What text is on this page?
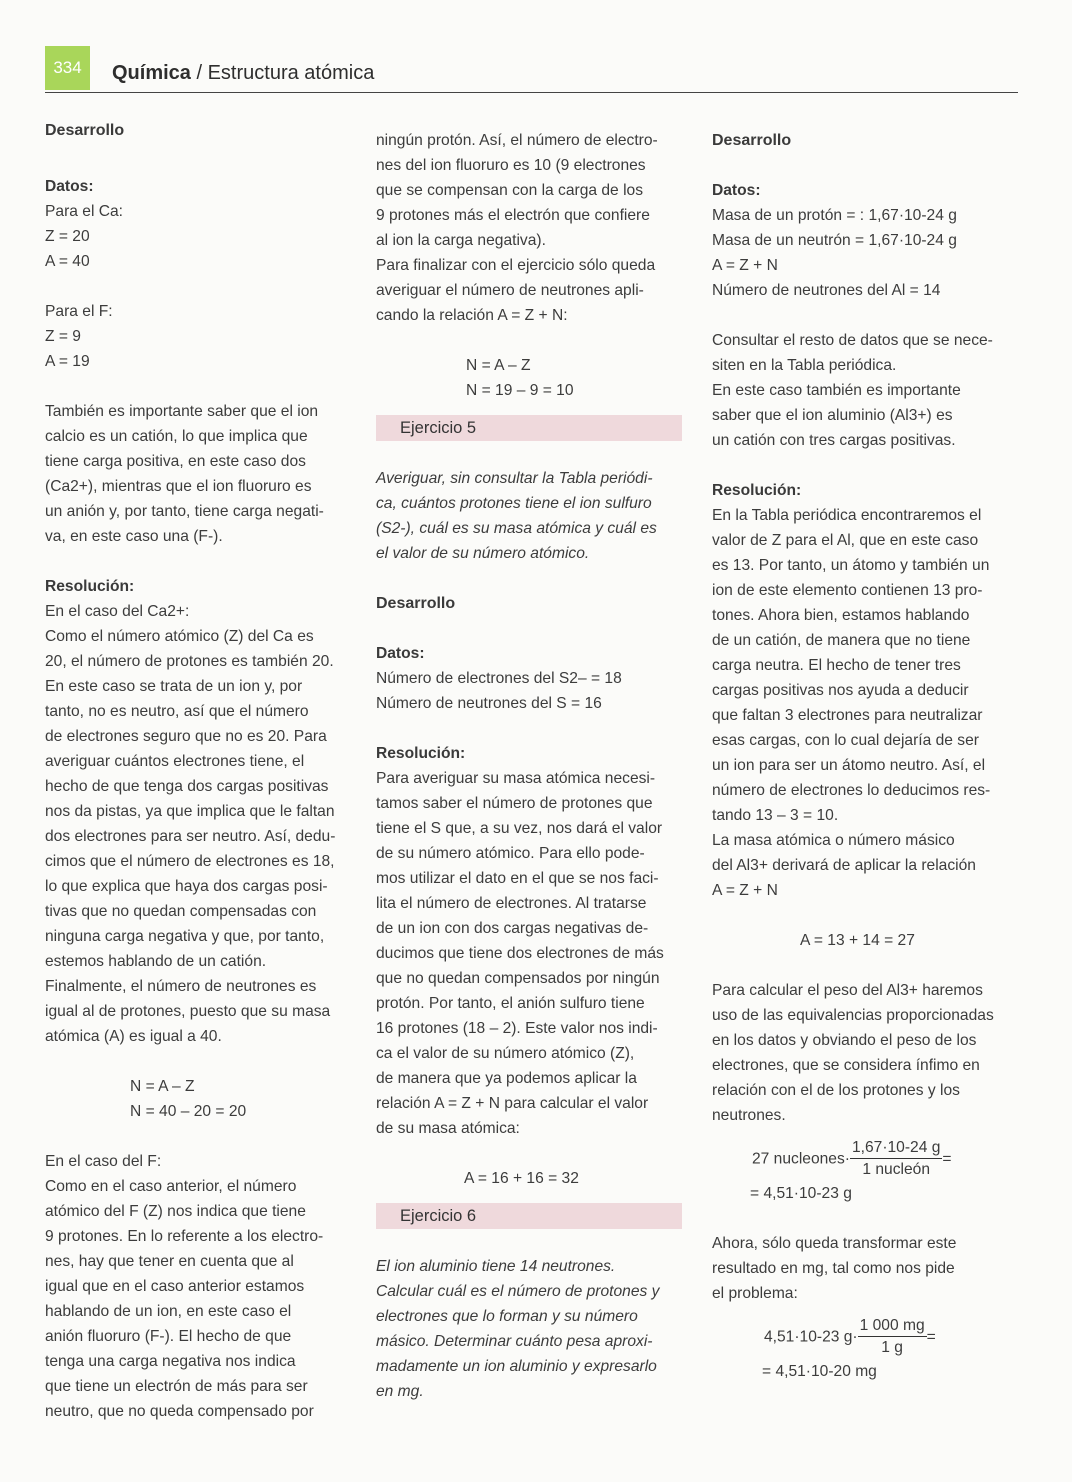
334	Química / Estructura atómica

Desarrollo

Datos:

Para el Ca:

Z = 20

A = 40

Para el F:

Z = 9

A = 19

También es importante saber que el ion

calcio es un catión, lo que implica que

tiene carga positiva, en este caso dos

(Ca2+), mientras que el ion fluoruro es

un anión y, por tanto, tiene carga negati-

va, en este caso una (F-).

Resolución:

En el caso del Ca2+:

Como el número atómico (Z) del Ca es

20, el número de protones es también 20.

En este caso se trata de un ion y, por

tanto, no es neutro, así que el número

de electrones seguro que no es 20. Para

averiguar cuántos electrones tiene, el

hecho de que tenga dos cargas positivas

nos da pistas, ya que implica que le faltan

dos electrones para ser neutro. Así, dedu-

cimos que el número de electrones es 18,

lo que explica que haya dos cargas posi-

tivas que no quedan compensadas con

ninguna carga negativa y que, por tanto,

estemos hablando de un catión.

Finalmente, el número de neutrones es

igual al de protones, puesto que su masa

atómica (A) es igual a 40.

N = A – Z

N = 40 – 20 = 20

En el caso del F:

Como en el caso anterior, el número

atómico del F (Z) nos indica que tiene

9 protones. En lo referente a los electro-

nes, hay que tener en cuenta que al

igual que en el caso anterior estamos

hablando de un ion, en este caso el

anión fluoruro (F-). El hecho de que

tenga una carga negativa nos indica

que tiene un electrón de más para ser

neutro, que no queda compensado por

ningún protón. Así, el número de electro-

nes del ion fluoruro es 10 (9 electrones

que se compensan con la carga de los

9 protones más el electrón que confiere

al ion la carga negativa).

Para finalizar con el ejercicio sólo queda

averiguar el número de neutrones apli-

cando la relación A = Z + N:

N = A – Z

N = 19 – 9 = 10

Ejercicio 5

Averiguar, sin consultar la Tabla periódi-

ca, cuántos protones tiene el ion sulfuro

(S2-), cuál es su masa atómica y cuál es

el valor de su número atómico.

Desarrollo

Datos:

Número de electrones del S2– = 18

Número de neutrones del S = 16

Resolución:

Para averiguar su masa atómica necesi-

tamos saber el número de protones que

tiene el S que, a su vez, nos dará el valor

de su número atómico. Para ello pode-

mos utilizar el dato en el que se nos faci-

lita el número de electrones. Al tratarse

de un ion con dos cargas negativas de-

ducimos que tiene dos electrones de más

que no quedan compensados por ningún

protón. Por tanto, el anión sulfuro tiene

16 protones (18 – 2). Este valor nos indi-

ca el valor de su número atómico (Z),

de manera que ya podemos aplicar la

relación A = Z + N para calcular el valor

de su masa atómica:

A = 16 + 16 = 32

Ejercicio 6

El ion aluminio tiene 14 neutrones.

Calcular cuál es el número de protones y

electrones que lo forman y su número

másico. Determinar cuánto pesa aproxi-

madamente un ion aluminio y expresarlo

en mg.

Desarrollo

Datos:

Masa de un protón = : 1,67·10-24 g

Masa de un neutrón = 1,67·10-24 g

A = Z + N

Número de neutrones del Al = 14

Consultar el resto de datos que se nece-

siten en la Tabla periódica.

En este caso también es importante

saber que el ion aluminio (Al3+) es

un catión con tres cargas positivas.

Resolución:

En la Tabla periódica encontraremos el

valor de Z para el Al, que en este caso

es 13. Por tanto, un átomo y también un

ion de este elemento contienen 13 pro-

tones. Ahora bien, estamos hablando

de un catión, de manera que no tiene

carga neutra. El hecho de tener tres

cargas positivas nos ayuda a deducir

que faltan 3 electrones para neutralizar

esas cargas, con lo cual dejaría de ser

un ion para ser un átomo neutro. Así, el

número de electrones lo deducimos res-

tando 13 – 3 = 10.

La masa atómica o número másico

del Al3+ derivará de aplicar la relación

A = Z + N

A = 13 + 14 = 27

Para calcular el peso del Al3+ haremos

uso de las equivalencias proporcionadas

en los datos y obviando el peso de los

electrones, que se considera ínfimo en

relación con el de los protones y los

neutrones.

27 nucleones· $\frac{1,67\cdot 10-24 g}{\text{1 nucleón}}$ =

= 4,51·10-23 g

Ahora, sólo queda transformar este

resultado en mg, tal como nos pide

el problema:

4,51·10-23 $g\cdot \frac{1 000 mg}{1 g}$ =

= 4,51·10-20 mg
